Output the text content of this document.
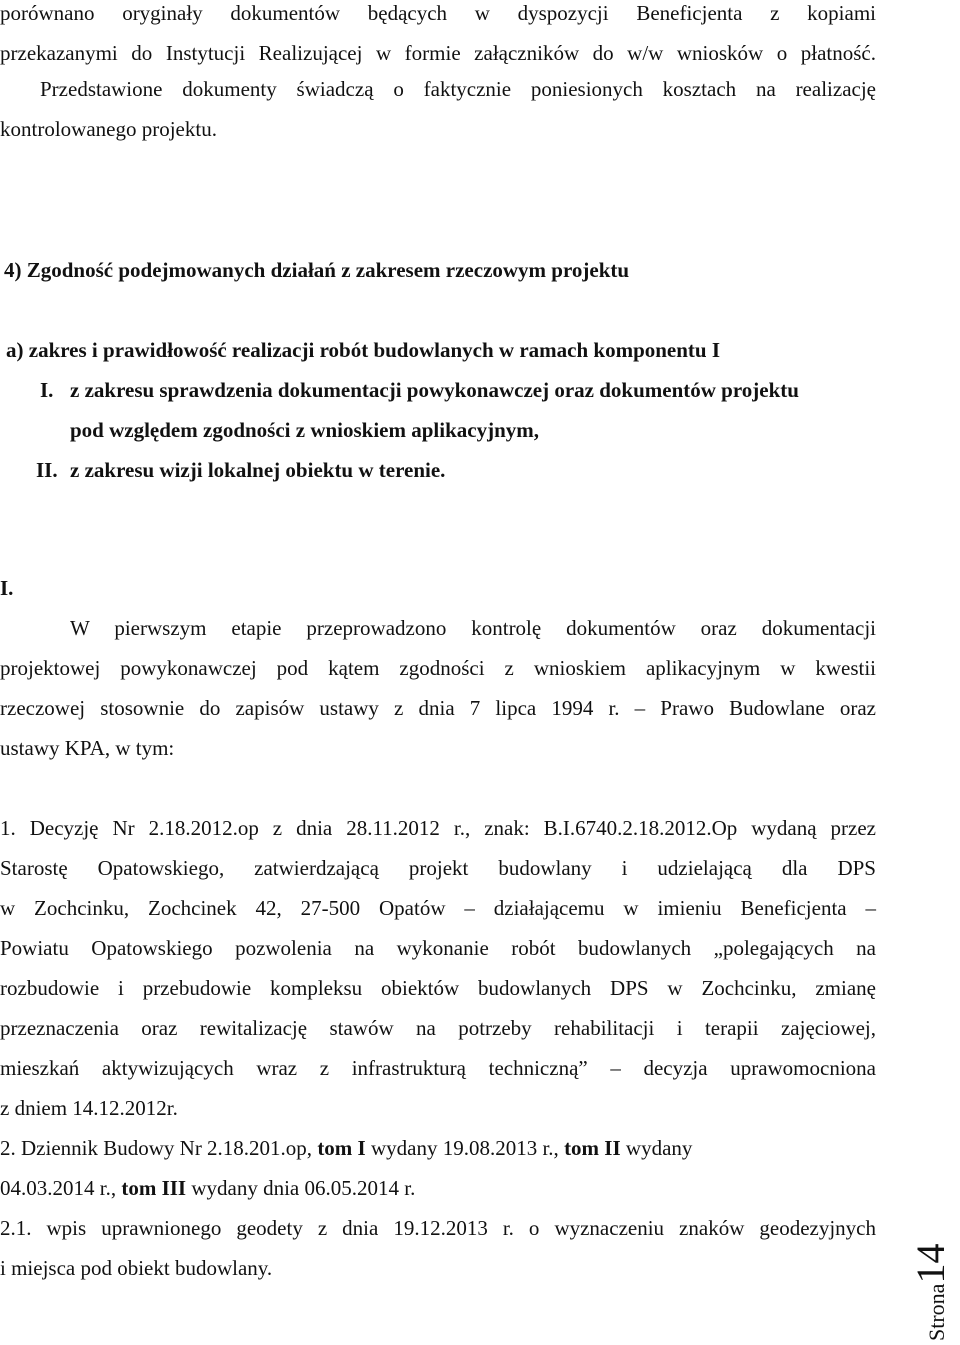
porównano oryginały dokumentów będących w dyspozycji Beneficjenta z kopiami
przekazanymi do Instytucji Realizującej w formie załączników do w/w wniosków o płatność.
Przedstawione dokumenty świadczą o faktycznie poniesionych kosztach na realizację
kontrolowanego projektu.
4) Zgodność podejmowanych działań z zakresem rzeczowym projektu
a) zakres i prawidłowość realizacji robót budowlanych w ramach komponentu I
I. z zakresu sprawdzenia dokumentacji powykonawczej oraz dokumentów projektu
pod względem zgodności z wnioskiem aplikacyjnym,
II. z zakresu wizji lokalnej obiektu w terenie.
I.
W pierwszym etapie przeprowadzono kontrolę dokumentów oraz dokumentacji
projektowej powykonawczej pod kątem zgodności z wnioskiem aplikacyjnym w kwestii
rzeczowej stosownie do zapisów ustawy z dnia 7 lipca 1994 r. – Prawo Budowlane oraz
ustawy KPA, w tym:
1. Decyzję Nr 2.18.2012.op z dnia 28.11.2012 r., znak: B.I.6740.2.18.2012.Op wydaną przez
Starostę Opatowskiego, zatwierdzającą projekt budowlany i udzielającą dla DPS
w Zochcinku, Zochcinek 42, 27-500 Opatów – działającemu w imieniu Beneficjenta –
Powiatu Opatowskiego pozwolenia na wykonanie robót budowlanych „polegających na
rozbudowie i przebudowie kompleksu obiektów budowlanych DPS w Zochcinku, zmianę
przeznaczenia oraz rewitalizację stawów na potrzeby rehabilitacji i terapii zajęciowej,
mieszkań aktywizujących wraz z infrastrukturą techniczną” – decyzja uprawomocniona
z dniem 14.12.2012r.
2. Dziennik Budowy Nr 2.18.201.op, tom I wydany 19.08.2013 r., tom II wydany
04.03.2014 r., tom III wydany dnia 06.05.2014 r.
2.1. wpis uprawnionego geodety z dnia 19.12.2013 r. o wyznaczeniu znaków geodezyjnych
i miejsca pod obiekt budowlany.
Strona14
